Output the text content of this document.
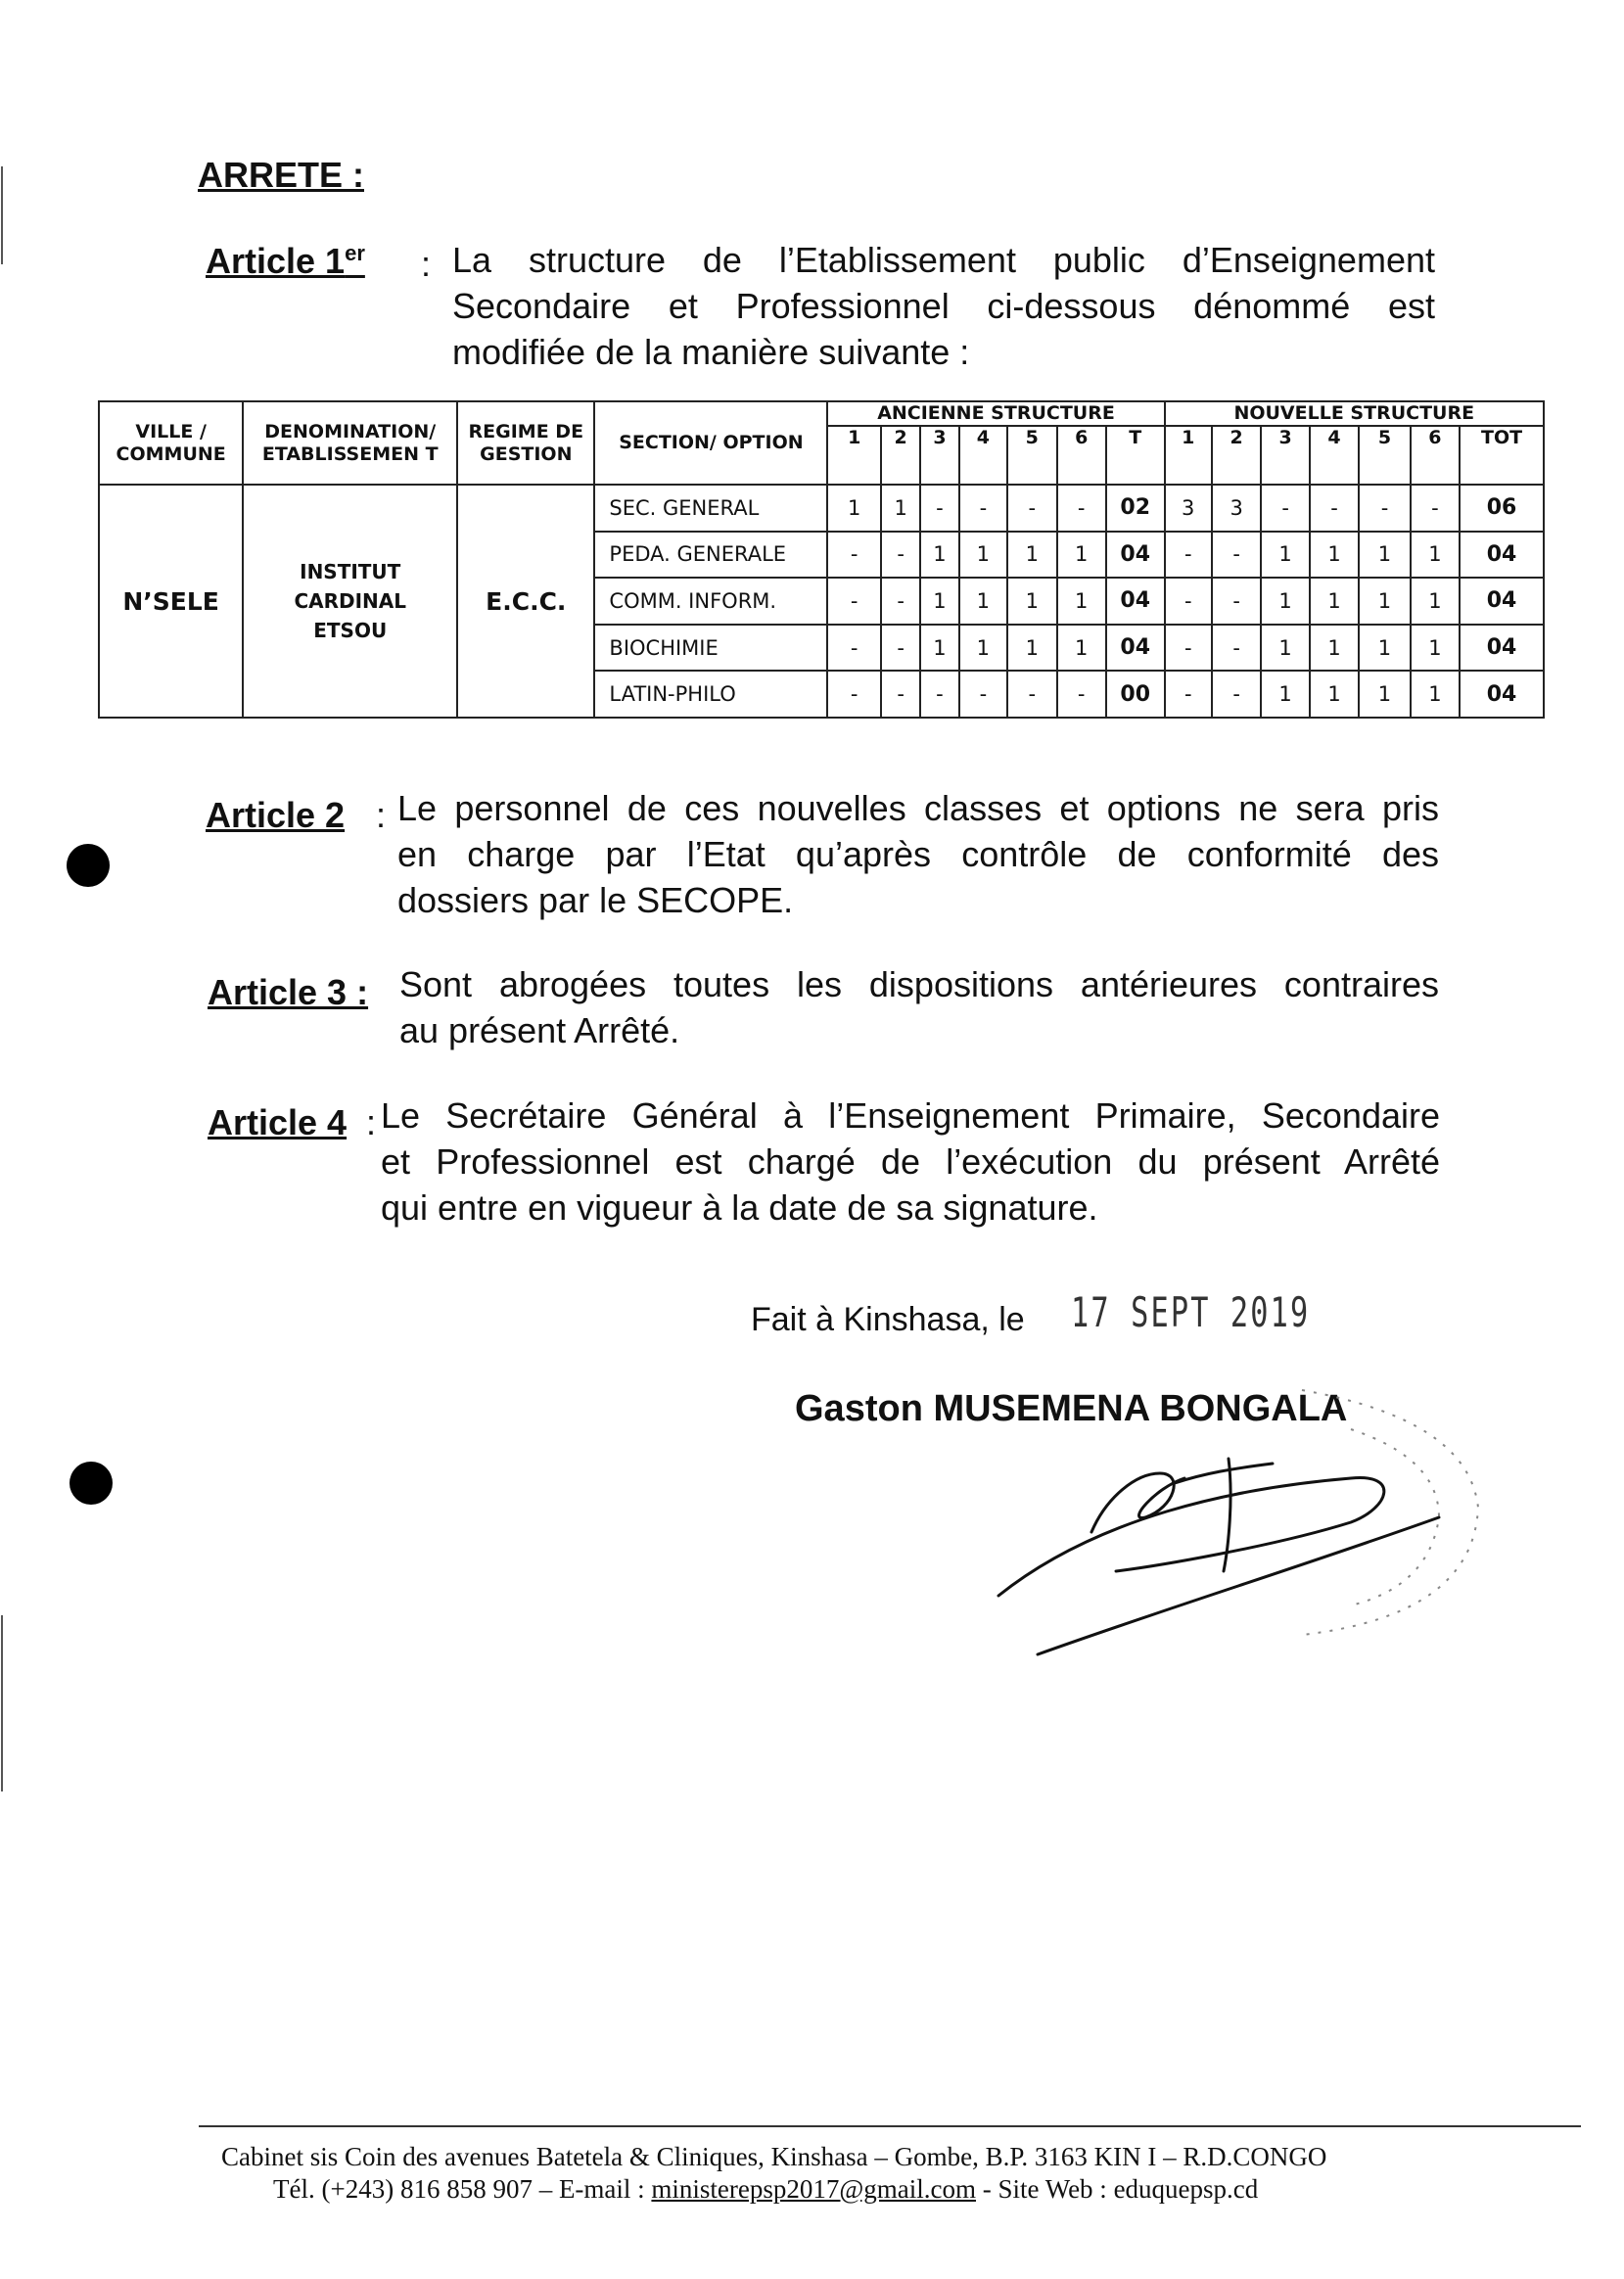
ARRETE :
Article 1er : La structure de l’Etablissement public d’Enseignement
Secondaire et Professionnel ci-dessous dénommé est
modifiée de la manière suivante :
VILLE / COMMUNE	DENOMINATION/ ETABLISSEMEN T	REGIME DE GESTION	SECTION/ OPTION	ANCIENNE STRUCTURE							NOUVELLE STRUCTURE						
				1	2	3	4	5	6	T	1	2	3	4	5	6	TOT
N’SELE	INSTITUT CARDINAL ETSOU	E.C.C.	SEC. GENERAL	1	1	-	-	-	-	02	3	3	-	-	-	-	06
			PEDA. GENERALE	-	-	1	1	1	1	04	-	-	1	1	1	1	04
			COMM. INFORM.	-	-	1	1	1	1	04	-	-	1	1	1	1	04
			BIOCHIMIE	-	-	1	1	1	1	04	-	-	1	1	1	1	04
			LATIN-PHILO	-	-	-	-	-	-	00	-	-	1	1	1	1	04
Article 2 : Le personnel de ces nouvelles classes et options ne sera pris
en charge par l’Etat qu’après contrôle de conformité des
dossiers par le SECOPE.
Article 3 : Sont abrogées toutes les dispositions antérieures contraires
au présent Arrêté.
Article 4 : Le Secrétaire Général à l’Enseignement Primaire, Secondaire
et Professionnel est chargé de l’exécution du présent Arrêté
qui entre en vigueur à la date de sa signature.
Fait à Kinshasa, le 17 SEPT 2019
Gaston MUSEMENA BONGALA
Cabinet sis Coin des avenues Batetela & Cliniques, Kinshasa – Gombe, B.P. 3163 KIN I – R.D.CONGO
Tél. (+243) 816 858 907 – E-mail : ministerepsp2017@gmail.com - Site Web : eduquepsp.cd
